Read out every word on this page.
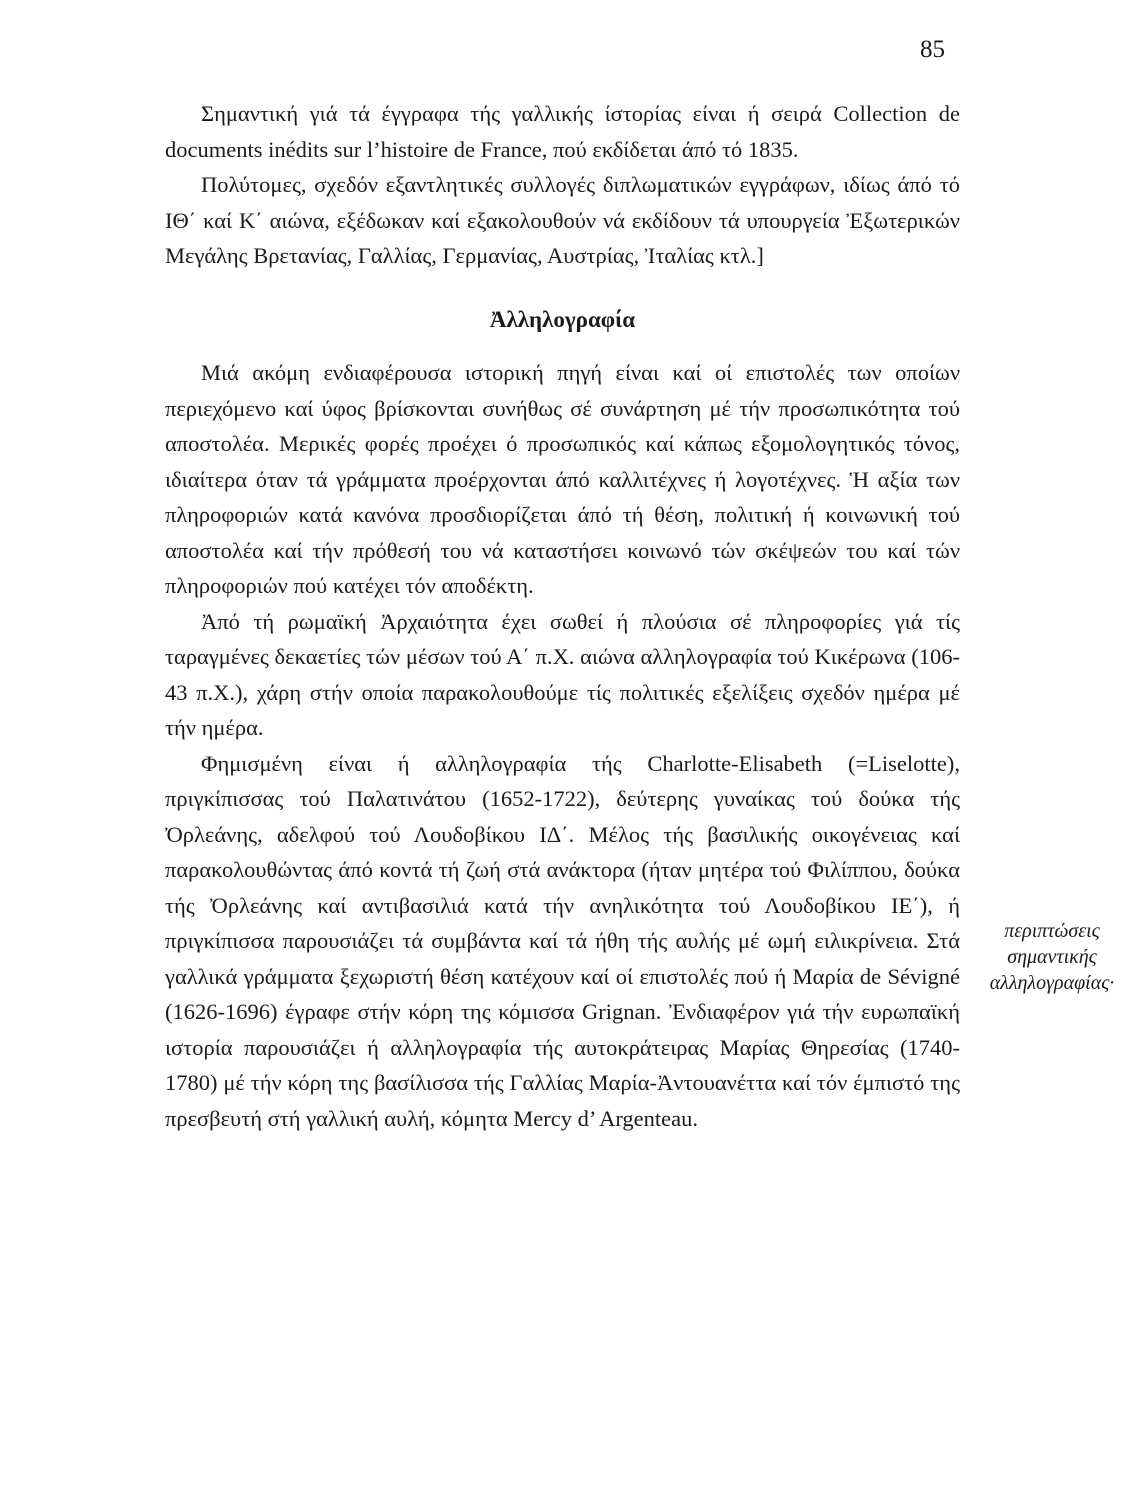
85

Σημαντική γιά τά έγγραφα τής γαλλικής ίστορίας είναι ή σειρά Collection de documents inédits sur l’histoire de France, πού εκδίδεται άπό τό 1835.

Πολύτομες, σχεδόν εξαντλητικές συλλογές διπλωματικών εγγράφων, ιδίως άπό τό ΙΘ΄ καί Κ΄ αιώνα, εξέδωκαν καί εξακολουθούν νά εκδίδουν τά υπουργεία Ἐξωτερικών Μεγάλης Βρετανίας, Γαλλίας, Γερμανίας, Αυστρίας, Ἰταλίας κτλ.]

Ἀλληλογραφία

Μιά ακόμη ενδιαφέρουσα ιστορική πηγή είναι καί οί επιστολές των οποίων περιεχόμενο καί ύφος βρίσκονται συνήθως σέ συνάρτηση μέ τήν προσωπικότητα τού αποστολέα. Μερικές φορές προέχει ό προσωπικός καί κάπως εξομολογητικός τόνος, ιδιαίτερα όταν τά γράμματα προέρχονται άπό καλλιτέχνες ή λογοτέχνες. Ἡ αξία των πληροφοριών κατά κανόνα προσδιορίζεται άπό τή θέση, πολιτική ή κοινωνική τού αποστολέα καί τήν πρόθεσή του νά καταστήσει κοινωνό τών σκέψεών του καί τών πληροφοριών πού κατέχει τόν αποδέκτη.

Ἀπό τή ρωμαϊκή Ἀρχαιότητα έχει σωθεί ή πλούσια σέ πληροφορίες γιά τίς ταραγμένες δεκαετίες τών μέσων τού Α΄ π.Χ. αιώνα αλληλογραφία τού Κικέρωνα (106-43 π.Χ.), χάρη στήν οποία παρακολουθούμε τίς πολιτικές εξελίξεις σχεδόν ημέρα μέ τήν ημέρα.

Φημισμένη είναι ή αλληλογραφία τής Charlotte-Elisabeth (=Liselotte), πριγκίπισσας τού Παλατινάτου (1652-1722), δεύτερης γυναίκας τού δούκα τής Ὀρλεάνης, αδελφού τού Λουδοβίκου ΙΔ΄. Μέλος τής βασιλικής οικογένειας καί παρακολουθώντας άπό κοντά τή ζωή στά ανάκτορα (ήταν μητέρα τού Φιλίππου, δούκα τής Ὀρλεάνης καί αντιβασιλιά κατά τήν ανηλικότητα τού Λουδοβίκου ΙΕ΄), ή πριγκίπισσα παρουσιάζει τά συμβάντα καί τά ήθη τής αυλής μέ ωμή ειλικρίνεια. Στά γαλλικά γράμματα ξεχωριστή θέση κατέχουν καί οί επιστολές πού ή Μαρία de Sévigné (1626-1696) έγραφε στήν κόρη της κόμισσα Grignan. Ἐνδιαφέρον γιά τήν ευρωπαϊκή ιστορία παρουσιάζει ή αλληλογραφία τής αυτοκράτειρας Μαρίας Θηρεσίας (1740-1780) μέ τήν κόρη της βασίλισσα τής Γαλλίας Μαρία-Ἀντουανέττα καί τόν έμπιστό της πρεσβευτή στή γαλλική αυλή, κόμητα Mercy d’ Argenteau.

περιπτώσεις σημαντικής αλληλογραφίας·
